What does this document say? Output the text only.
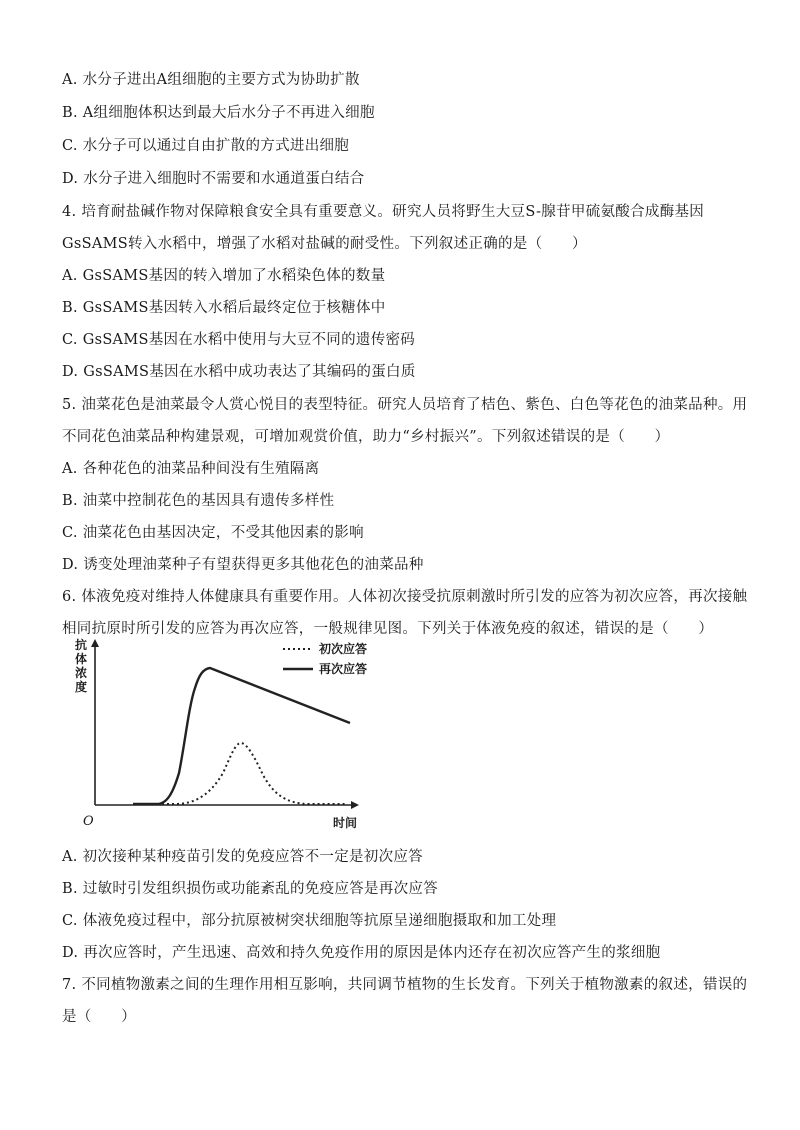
A. 水分子进出A组细胞的主要方式为协助扩散
B. A组细胞体积达到最大后水分子不再进入细胞
C. 水分子可以通过自由扩散的方式进出细胞
D. 水分子进入细胞时不需要和水通道蛋白结合
4. 培育耐盐碱作物对保障粮食安全具有重要意义。研究人员将野生大豆S-腺苷甲硫氨酸合成酶基因
GsSAMS转入水稻中，增强了水稻对盐碱的耐受性。下列叙述正确的是（　　）
A. GsSAMS基因的转入增加了水稻染色体的数量
B. GsSAMS基因转入水稻后最终定位于核糖体中
C. GsSAMS基因在水稻中使用与大豆不同的遗传密码
D. GsSAMS基因在水稻中成功表达了其编码的蛋白质
5. 油菜花色是油菜最令人赏心悦目的表型特征。研究人员培育了桔色、紫色、白色等花色的油菜品种。用
不同花色油菜品种构建景观，可增加观赏价值，助力“乡村振兴”。下列叙述错误的是（　　）
A. 各种花色的油菜品种间没有生殖隔离
B. 油菜中控制花色的基因具有遗传多样性
C. 油菜花色由基因决定，不受其他因素的影响
D. 诱变处理油菜种子有望获得更多其他花色的油菜品种
6. 体液免疫对维持人体健康具有重要作用。人体初次接受抗原刺激时所引发的应答为初次应答，再次接触
相同抗原时所引发的应答为再次应答，一般规律见图。下列关于体液免疫的叙述，错误的是（　　）
抗
体
浓
度
O	时间
初次应答
再次应答
A. 初次接种某种疫苗引发的免疫应答不一定是初次应答
B. 过敏时引发组织损伤或功能紊乱的免疫应答是再次应答
C. 体液免疫过程中，部分抗原被树突状细胞等抗原呈递细胞摄取和加工处理
D. 再次应答时，产生迅速、高效和持久免疫作用的原因是体内还存在初次应答产生的浆细胞
7. 不同植物激素之间的生理作用相互影响，共同调节植物的生长发育。下列关于植物激素的叙述，错误的
是（　　）
